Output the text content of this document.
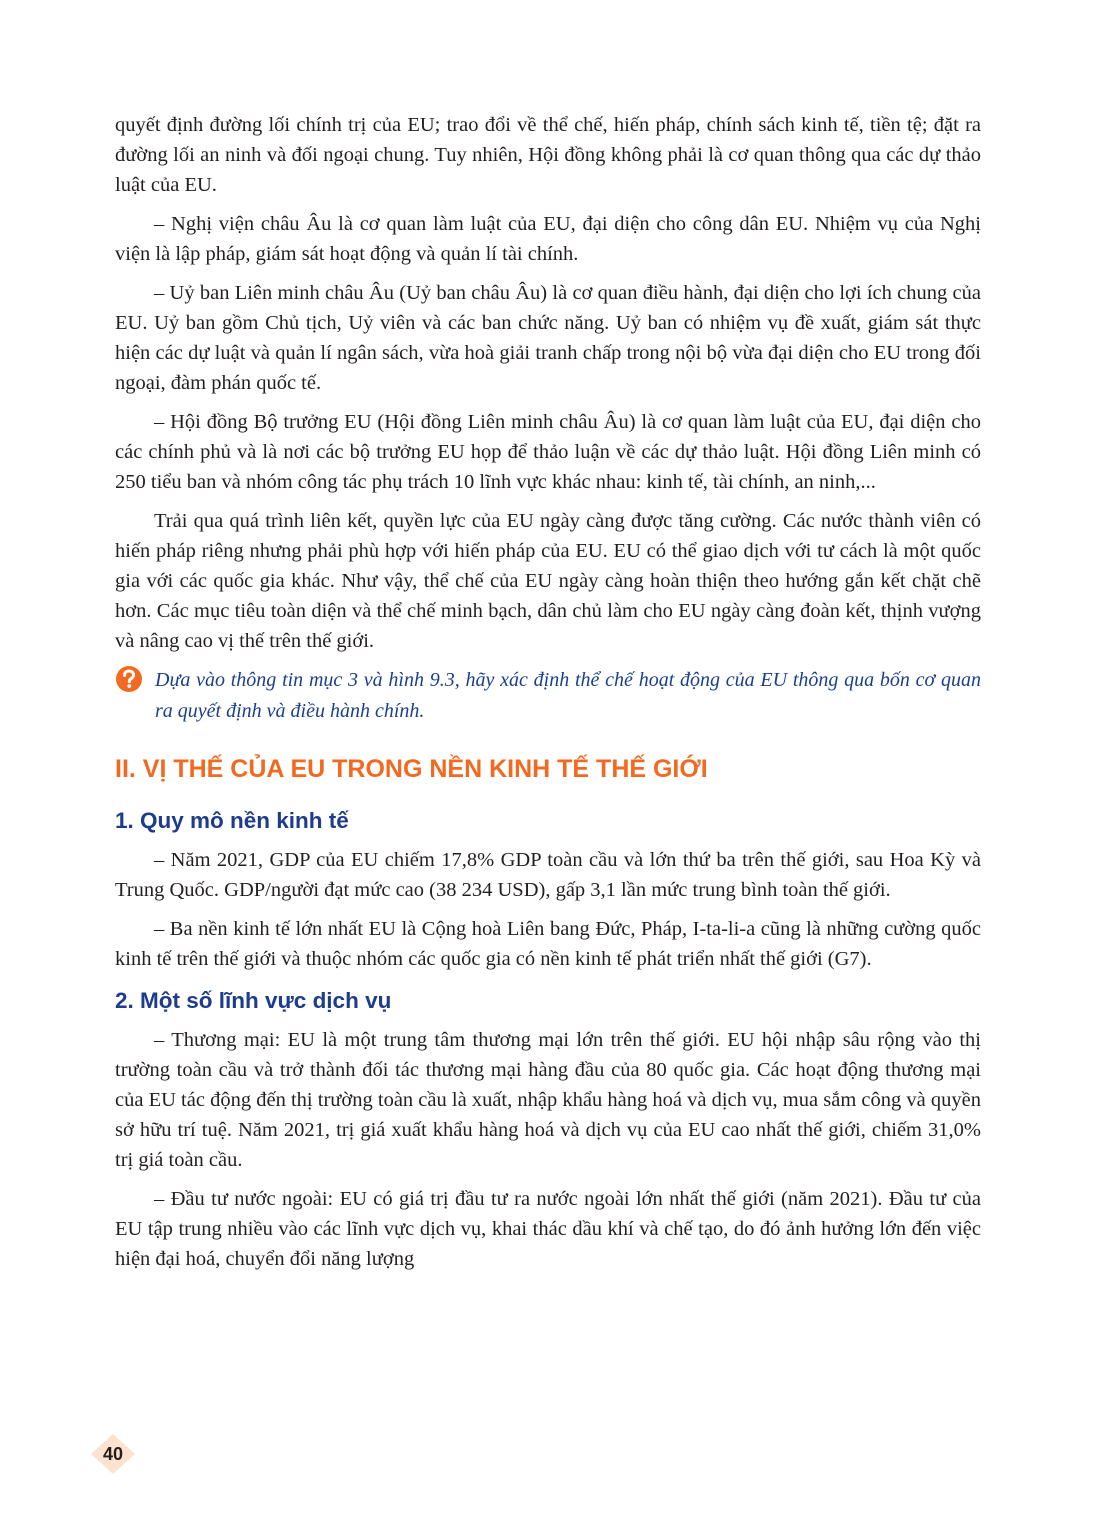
quyết định đường lối chính trị của EU; trao đổi về thể chế, hiến pháp, chính sách kinh tế, tiền tệ; đặt ra đường lối an ninh và đối ngoại chung. Tuy nhiên, Hội đồng không phải là cơ quan thông qua các dự thảo luật của EU.

– Nghị viện châu Âu là cơ quan làm luật của EU, đại diện cho công dân EU. Nhiệm vụ của Nghị viện là lập pháp, giám sát hoạt động và quản lí tài chính.

– Uỷ ban Liên minh châu Âu (Uỷ ban châu Âu) là cơ quan điều hành, đại diện cho lợi ích chung của EU. Uỷ ban gồm Chủ tịch, Uỷ viên và các ban chức năng. Uỷ ban có nhiệm vụ đề xuất, giám sát thực hiện các dự luật và quản lí ngân sách, vừa hoà giải tranh chấp trong nội bộ vừa đại diện cho EU trong đối ngoại, đàm phán quốc tế.

– Hội đồng Bộ trưởng EU (Hội đồng Liên minh châu Âu) là cơ quan làm luật của EU, đại diện cho các chính phủ và là nơi các bộ trưởng EU họp để thảo luận về các dự thảo luật. Hội đồng Liên minh có 250 tiểu ban và nhóm công tác phụ trách 10 lĩnh vực khác nhau: kinh tế, tài chính, an ninh,...

Trải qua quá trình liên kết, quyền lực của EU ngày càng được tăng cường. Các nước thành viên có hiến pháp riêng nhưng phải phù hợp với hiến pháp của EU. EU có thể giao dịch với tư cách là một quốc gia với các quốc gia khác. Như vậy, thể chế của EU ngày càng hoàn thiện theo hướng gắn kết chặt chẽ hơn. Các mục tiêu toàn diện và thể chế minh bạch, dân chủ làm cho EU ngày càng đoàn kết, thịnh vượng và nâng cao vị thế trên thế giới.

Dựa vào thông tin mục 3 và hình 9.3, hãy xác định thể chế hoạt động của EU thông qua bốn cơ quan ra quyết định và điều hành chính.

II. VỊ THẾ CỦA EU TRONG NỀN KINH TẾ THẾ GIỚI
1. Quy mô nền kinh tế

– Năm 2021, GDP của EU chiếm 17,8% GDP toàn cầu và lớn thứ ba trên thế giới, sau Hoa Kỳ và Trung Quốc. GDP/người đạt mức cao (38 234 USD), gấp 3,1 lần mức trung bình toàn thế giới.

– Ba nền kinh tế lớn nhất EU là Cộng hoà Liên bang Đức, Pháp, I-ta-li-a cũng là những cường quốc kinh tế trên thế giới và thuộc nhóm các quốc gia có nền kinh tế phát triển nhất thế giới (G7).

2. Một số lĩnh vực dịch vụ

– Thương mại: EU là một trung tâm thương mại lớn trên thế giới. EU hội nhập sâu rộng vào thị trường toàn cầu và trở thành đối tác thương mại hàng đầu của 80 quốc gia. Các hoạt động thương mại của EU tác động đến thị trường toàn cầu là xuất, nhập khẩu hàng hoá và dịch vụ, mua sắm công và quyền sở hữu trí tuệ. Năm 2021, trị giá xuất khẩu hàng hoá và dịch vụ của EU cao nhất thế giới, chiếm 31,0% trị giá toàn cầu.

– Đầu tư nước ngoài: EU có giá trị đầu tư ra nước ngoài lớn nhất thế giới (năm 2021). Đầu tư của EU tập trung nhiều vào các lĩnh vực dịch vụ, khai thác dầu khí và chế tạo, do đó ảnh hưởng lớn đến việc hiện đại hoá, chuyển đổi năng lượng

40
